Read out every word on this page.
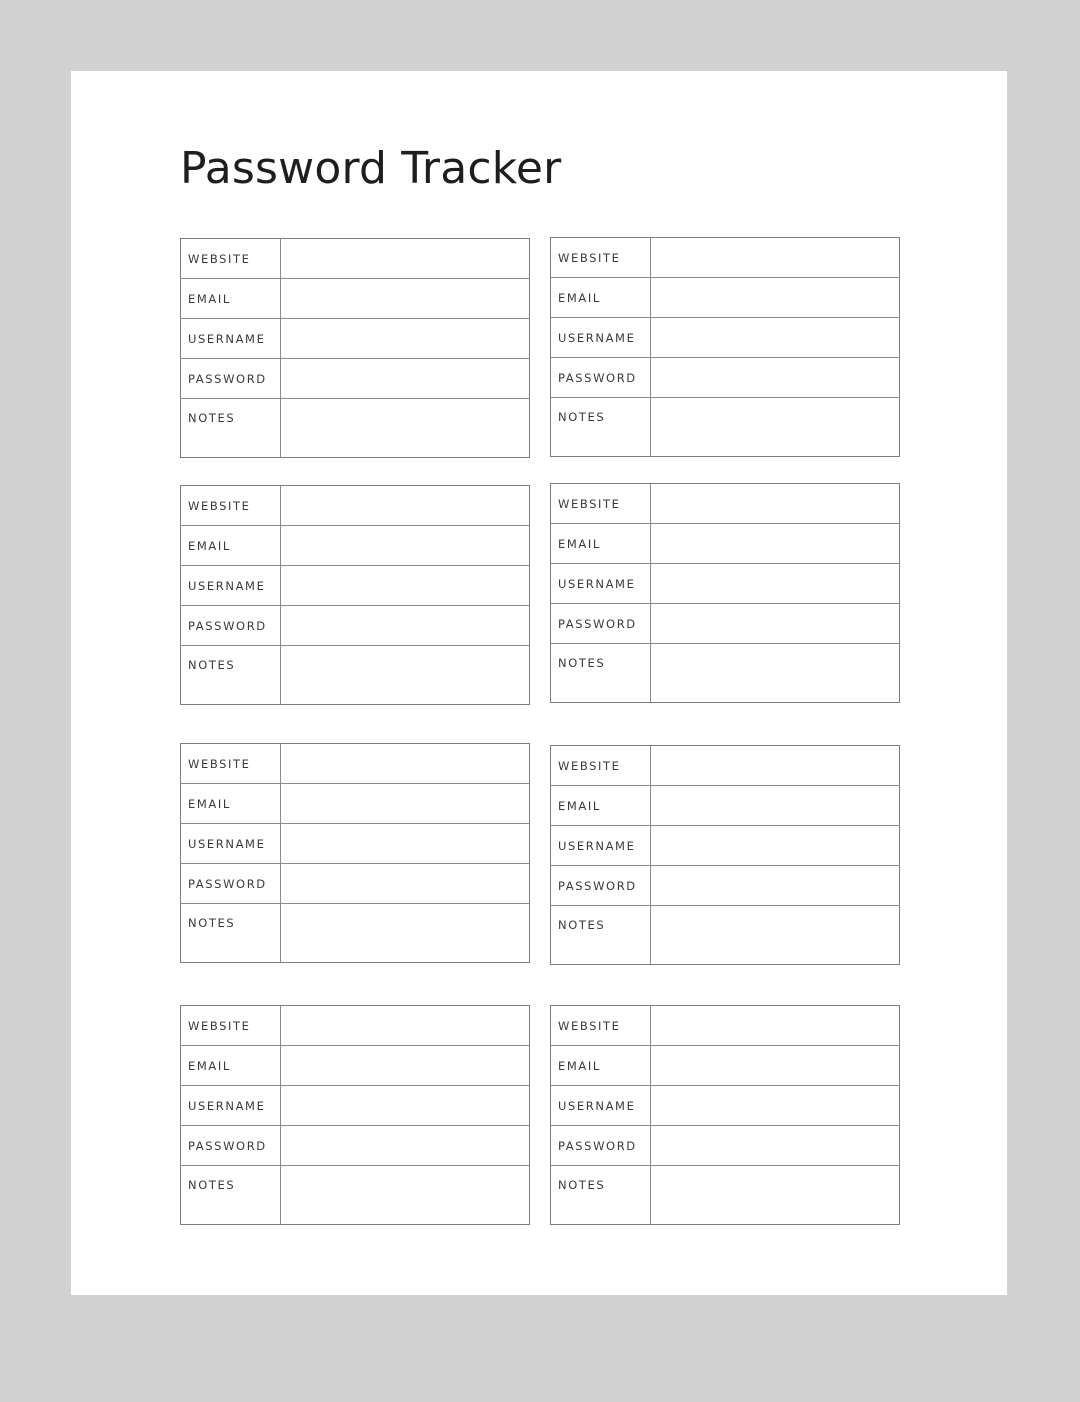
Password Tracker
WEBSITE
EMAIL
USERNAME
PASSWORD
NOTES
WEBSITE
EMAIL
USERNAME
PASSWORD
NOTES
WEBSITE
EMAIL
USERNAME
PASSWORD
NOTES
WEBSITE
EMAIL
USERNAME
PASSWORD
NOTES
WEBSITE
EMAIL
USERNAME
PASSWORD
NOTES
WEBSITE
EMAIL
USERNAME
PASSWORD
NOTES
WEBSITE
EMAIL
USERNAME
PASSWORD
NOTES
WEBSITE
EMAIL
USERNAME
PASSWORD
NOTES
